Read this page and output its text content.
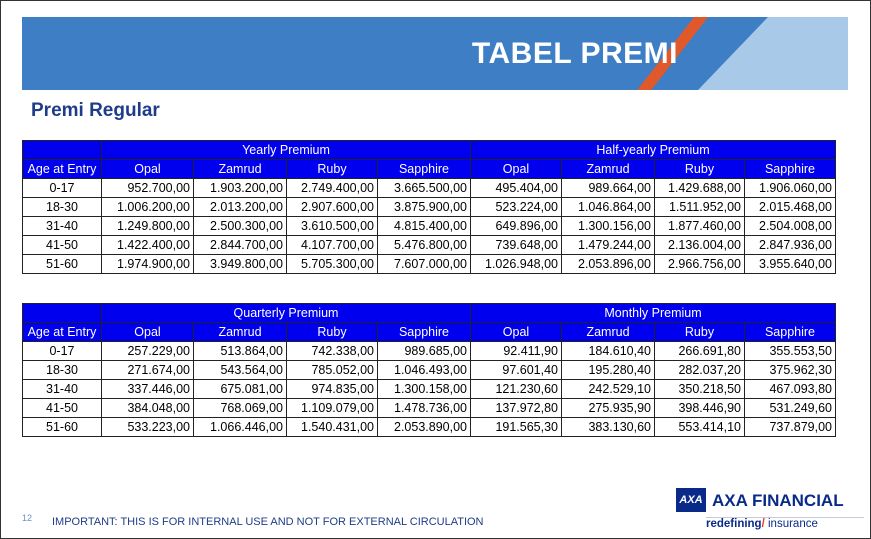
TABEL PREMI
Premi Regular
	Yearly Premium				Half-yearly Premium			
Age at Entry	Opal	Zamrud	Ruby	Sapphire	Opal	Zamrud	Ruby	Sapphire
0-17	952.700,00	1.903.200,00	2.749.400,00	3.665.500,00	495.404,00	989.664,00	1.429.688,00	1.906.060,00
18-30	1.006.200,00	2.013.200,00	2.907.600,00	3.875.900,00	523.224,00	1.046.864,00	1.511.952,00	2.015.468,00
31-40	1.249.800,00	2.500.300,00	3.610.500,00	4.815.400,00	649.896,00	1.300.156,00	1.877.460,00	2.504.008,00
41-50	1.422.400,00	2.844.700,00	4.107.700,00	5.476.800,00	739.648,00	1.479.244,00	2.136.004,00	2.847.936,00
51-60	1.974.900,00	3.949.800,00	5.705.300,00	7.607.000,00	1.026.948,00	2.053.896,00	2.966.756,00	3.955.640,00
	Quarterly Premium				Monthly Premium			
Age at Entry	Opal	Zamrud	Ruby	Sapphire	Opal	Zamrud	Ruby	Sapphire
0-17	257.229,00	513.864,00	742.338,00	989.685,00	92.411,90	184.610,40	266.691,80	355.553,50
18-30	271.674,00	543.564,00	785.052,00	1.046.493,00	97.601,40	195.280,40	282.037,20	375.962,30
31-40	337.446,00	675.081,00	974.835,00	1.300.158,00	121.230,60	242.529,10	350.218,50	467.093,80
41-50	384.048,00	768.069,00	1.109.079,00	1.478.736,00	137.972,80	275.935,90	398.446,90	531.249,60
51-60	533.223,00	1.066.446,00	1.540.431,00	2.053.890,00	191.565,30	383.130,60	553.414,10	737.879,00
12 IMPORTANT: THIS IS FOR INTERNAL USE AND NOT FOR EXTERNAL CIRCULATION
AXA AXA FINANCIAL
redefining/ insurance
